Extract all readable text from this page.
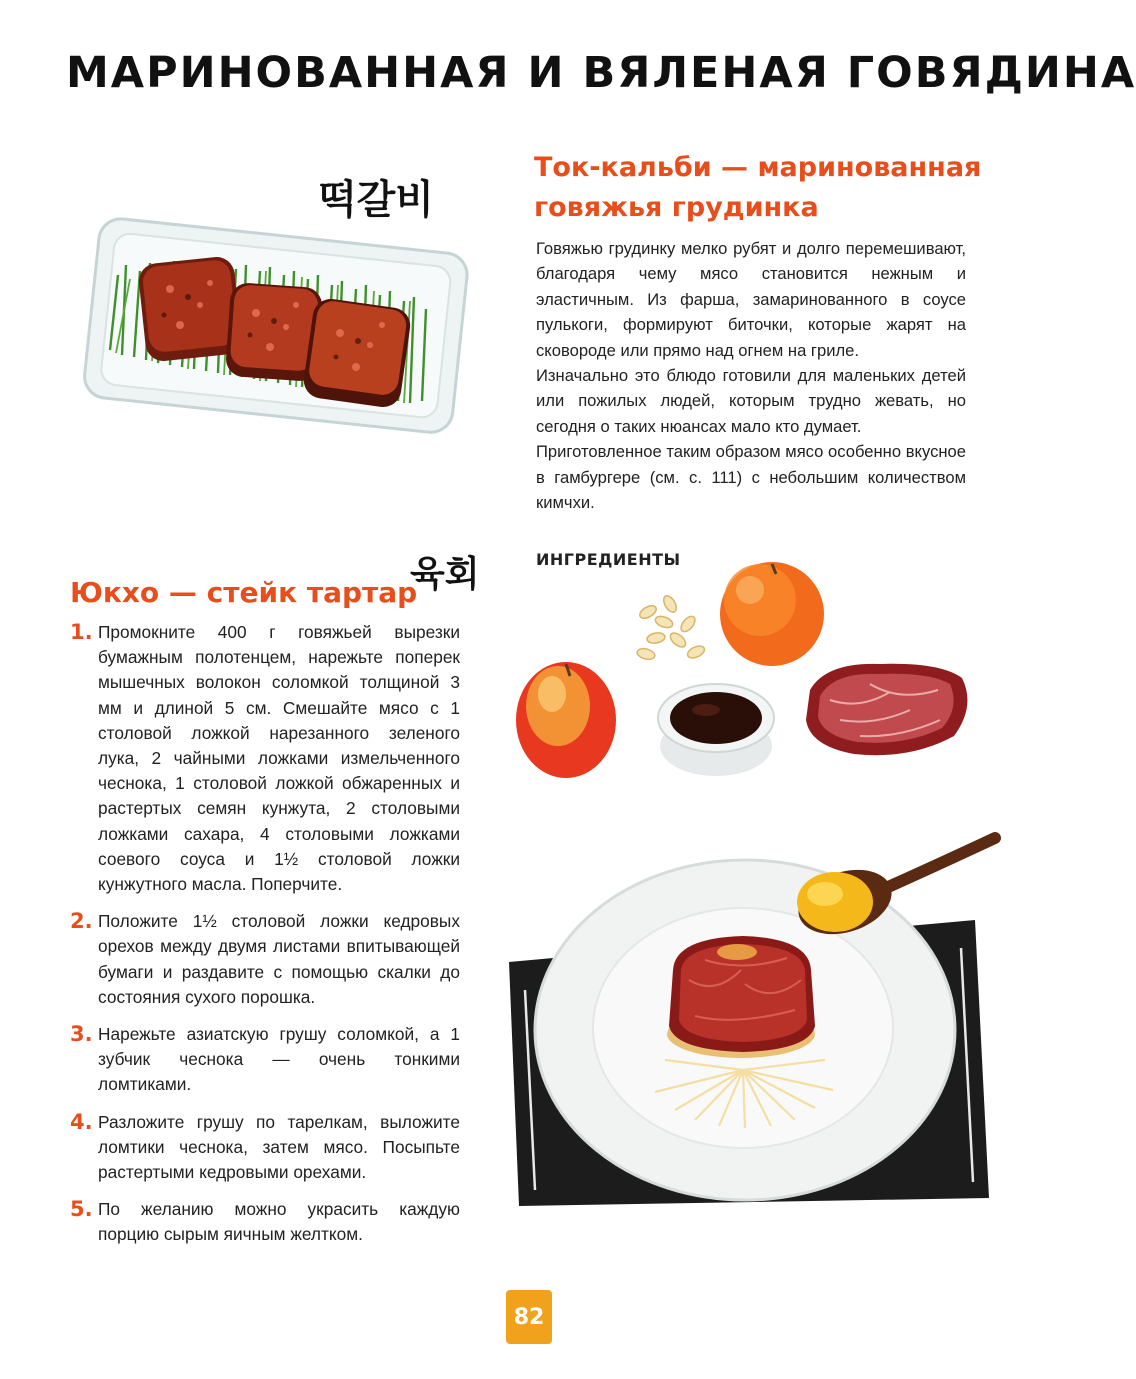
МАРИНОВАННАЯ И ВЯЛЕНАЯ ГОВЯДИНА
떡갈비
Ток-кальби — маринованная
говяжья грудинка

Говяжью грудинку мелко рубят и долго перемешивают, благодаря чему мясо становится нежным и эластичным. Из фарша, замаринованного в соусе пулькоги, формируют биточки, которые жарят на сковороде или прямо над огнем на гриле.

Изначально это блюдо готовили для маленьких детей или пожилых людей, которым трудно жевать, но сегодня о таких нюансах мало кто думает.

Приготовленное таким образом мясо особенно вкусное в гамбургере (см. с. 111) с небольшим количеством кимчхи.

육회
Юкхо — стейк тартар
ИНГРЕДИЕНТЫ
1. Промокните 400 г говяжьей вырезки бумажным полотенцем, нарежьте поперек мышечных волокон соломкой толщиной 3 мм и длиной 5 см. Смешайте мясо с 1 столовой ложкой нарезанного зеленого лука, 2 чайными ложками измельченного чеснока, 1 столовой ложкой обжаренных и растертых семян кунжута, 2 столовыми ложками сахара, 4 столовыми ложками соевого соуса и 1½ столовой ложки кунжутного масла. Поперчите.
2. Положите 1½ столовой ложки кедровых орехов между двумя листами впитывающей бумаги и раздавите с помощью скалки до состояния сухого порошка.
3. Нарежьте азиатскую грушу соломкой, а 1 зубчик чеснока — очень тонкими ломтиками.
4. Разложите грушу по тарелкам, выложите ломтики чеснока, затем мясо. Посыпьте растертыми кедровыми орехами.
5. По желанию можно украсить каждую порцию сырым яичным желтком.
82
